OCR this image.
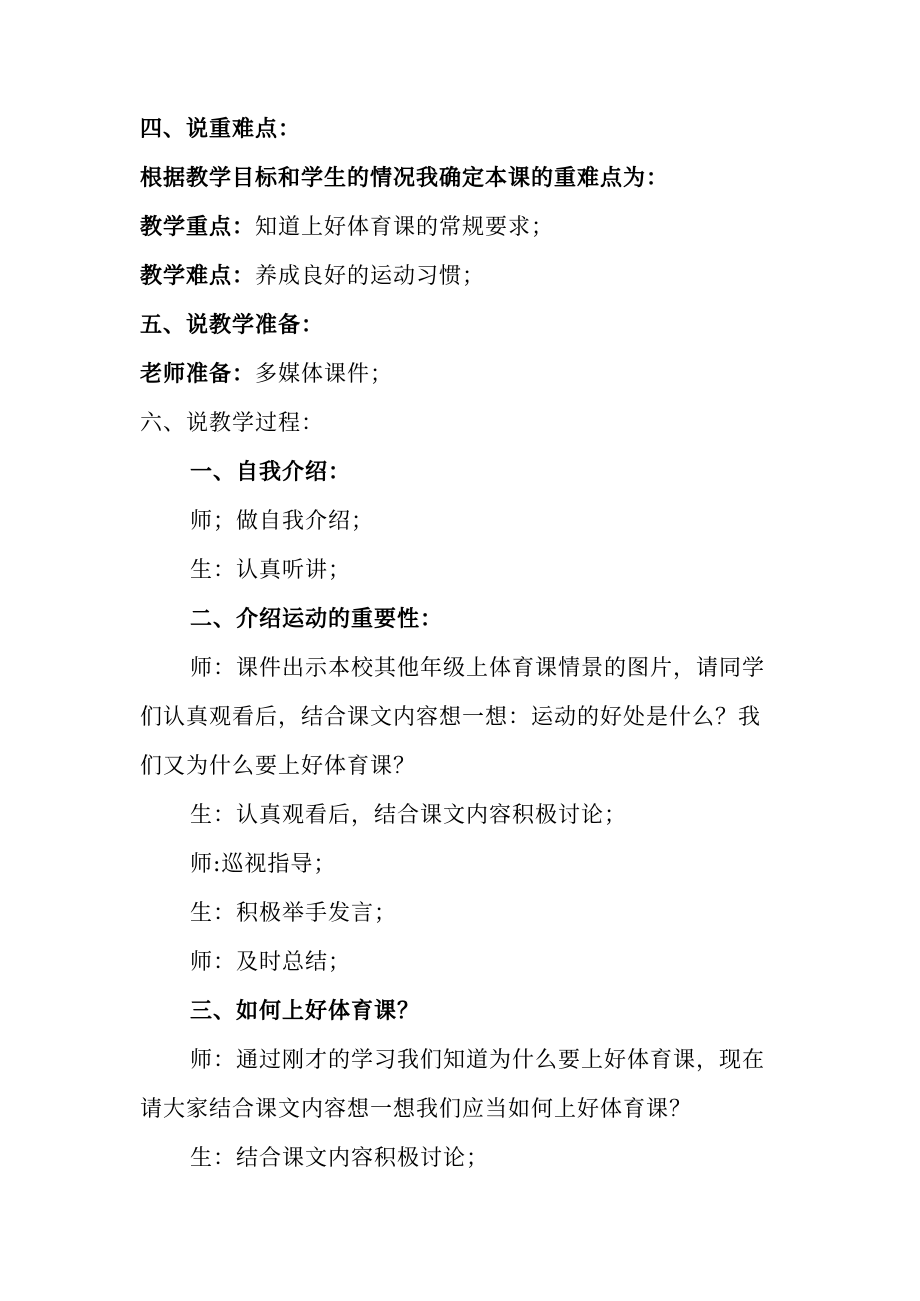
四、说重难点：
根据教学目标和学生的情况我确定本课的重难点为：
教学重点：知道上好体育课的常规要求；
教学难点：养成良好的运动习惯；
五、说教学准备：
老师准备：多媒体课件；
六、说教学过程：
一、自我介绍：
师；做自我介绍；
生：认真听讲；
二、介绍运动的重要性：
师：课件出示本校其他年级上体育课情景的图片，请同学
们认真观看后，结合课文内容想一想：运动的好处是什么？我
们又为什么要上好体育课？
生：认真观看后，结合课文内容积极讨论；
师:巡视指导；
生：积极举手发言；
师：及时总结；
三、如何上好体育课？
师：通过刚才的学习我们知道为什么要上好体育课，现在
请大家结合课文内容想一想我们应当如何上好体育课？
生：结合课文内容积极讨论；
